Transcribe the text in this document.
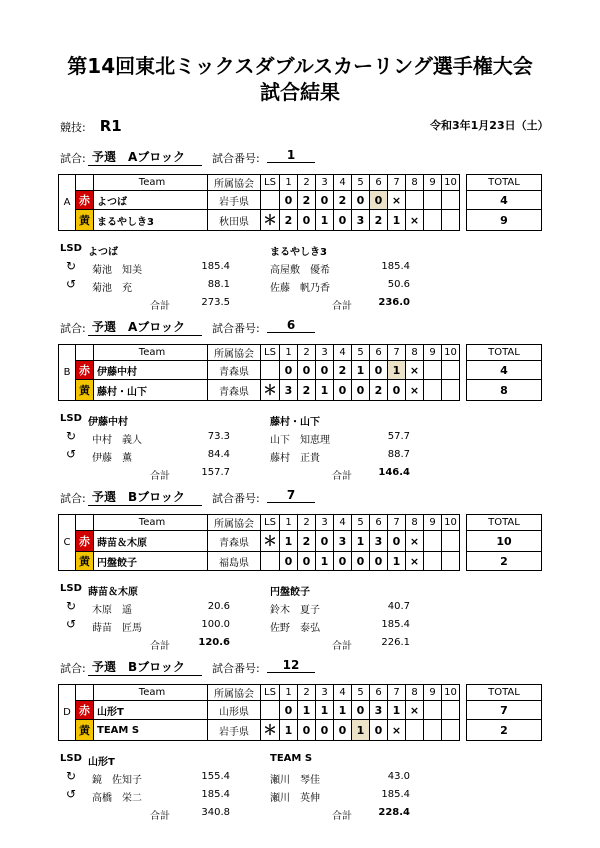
第14回東北ミックスダブルスカーリング選手権大会
試合結果
競技: R1	令和3年1月23日（土）
試合: 予選　Aブロック	試合番号:	1
A		Team	所属協会	LS	1	2	3	4	5	6	7	8	9	10		TOTAL
	赤	よつば	岩手県		0	2	0	2	0	0	×					4
	黄	まるやしき3	秋田県	＊	2	0	1	0	3	2	1	×				9
LSD よつば
↻ 菊池　知美	185.4
↺ 菊池　充	88.1
合計	273.5
まるやしき3
高屋敷　優希	185.4
佐藤　帆乃香	50.6
合計	236.0
試合: 予選　Aブロック	試合番号:	6
B		Team	所属協会	LS	1	2	3	4	5	6	7	8	9	10		TOTAL
	赤	伊藤中村	青森県		0	0	0	2	1	0	1	×				4
	黄	藤村・山下	青森県	＊	3	2	1	0	0	2	0	×				8
LSD 伊藤中村
↻ 中村　義人	73.3
↺ 伊藤　薫	84.4
合計	157.7
藤村・山下
山下　知恵理	57.7
藤村　正貴	88.7
合計	146.4
試合: 予選　Bブロック	試合番号:	7
C		Team	所属協会	LS	1	2	3	4	5	6	7	8	9	10		TOTAL
	赤	蒔苗＆木原	青森県	＊	1	2	0	3	1	3	0	×				10
	黄	円盤餃子	福島県		0	0	1	0	0	0	1	×				2
LSD 蒔苗＆木原
↻ 木原　遥	20.6
↺ 蒔苗　匠馬	100.0
合計	120.6
円盤餃子
鈴木　夏子	40.7
佐野　泰弘	185.4
合計	226.1
試合: 予選　Bブロック	試合番号:	12
D		Team	所属協会	LS	1	2	3	4	5	6	7	8	9	10		TOTAL
	赤	山形T	山形県		0	1	1	1	0	3	1	×				7
	黄	TEAM S	岩手県	＊	1	0	0	0	1	0	×					2
LSD 山形T
↻ 鏡　佐知子	155.4
↺ 高橋　栄二	185.4
合計	340.8
TEAM S
瀬川　琴佳	43.0
瀬川　英伸	185.4
合計	228.4
